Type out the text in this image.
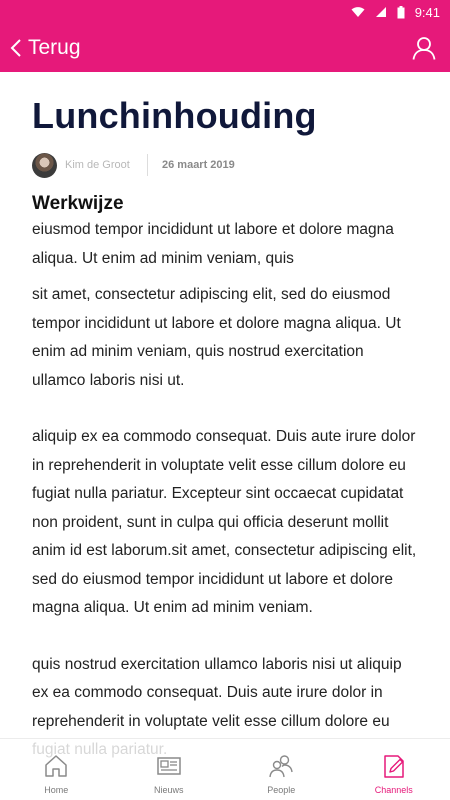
9:41
Terug
Lunchinhouding
Kim de Groot	26 maart 2019
Werkwijze

eiusmod tempor incididunt ut labore et dolore magna aliqua. Ut enim ad minim veniam, quis

sit amet, consectetur adipiscing elit, sed do eiusmod tempor incididunt ut labore et dolore magna aliqua. Ut enim ad minim veniam, quis nostrud exercitation ullamco laboris nisi ut.

aliquip ex ea commodo consequat. Duis aute irure dolor in reprehenderit in voluptate velit esse cillum dolore eu fugiat nulla pariatur. Excepteur sint occaecat cupidatat non proident, sunt in culpa qui officia deserunt mollit anim id est laborum.sit amet, consectetur adipiscing elit, sed do eiusmod tempor incididunt ut labore et dolore magna aliqua. Ut enim ad minim veniam.

quis nostrud exercitation ullamco laboris nisi ut aliquip ex ea commodo consequat. Duis aute irure dolor in reprehenderit in voluptate velit esse cillum dolore eu

Home	Nieuws	People	Channels
